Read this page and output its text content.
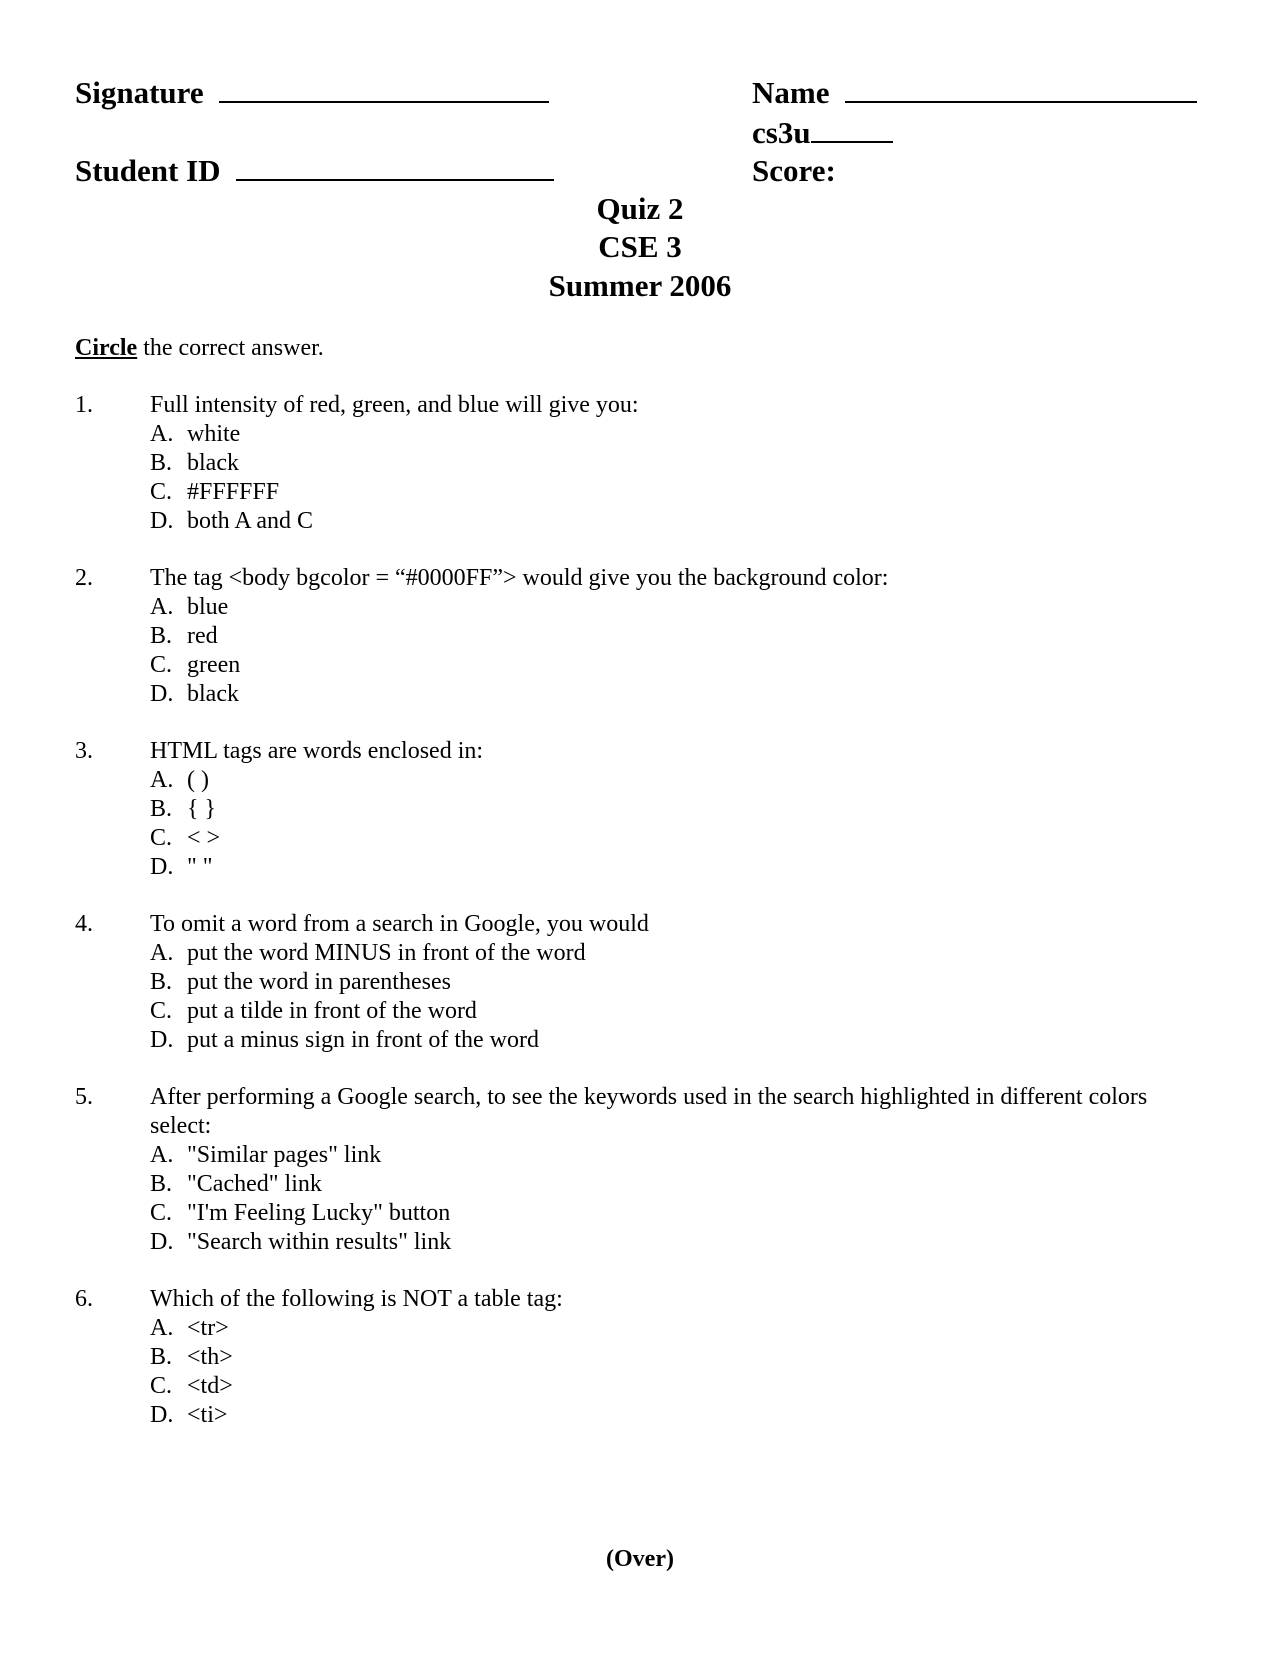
Signature
Student ID
Name
cs3u
Score:
Quiz 2
CSE 3
Summer 2006
Circle the correct answer.
1. Full intensity of red, green, and blue will give you:
A. white
B. black
C. #FFFFFF
D. both A and C
2. The tag <body bgcolor = “#0000FF”> would give you the background color:
A. blue
B. red
C. green
D. black
3. HTML tags are words enclosed in:
A. ( )
B. { }
C. < >
D. " "
4. To omit a word from a search in Google, you would
A. put the word MINUS in front of the word
B. put the word in parentheses
C. put a tilde in front of the word
D. put a minus sign in front of the word
5. After performing a Google search, to see the keywords used in the search highlighted in different colors select:
A. "Similar pages" link
B. "Cached" link
C. "I'm Feeling Lucky" button
D. "Search within results" link
6. Which of the following is NOT a table tag:
A. <tr>
B. <th>
C. <td>
D. <ti>
(Over)
